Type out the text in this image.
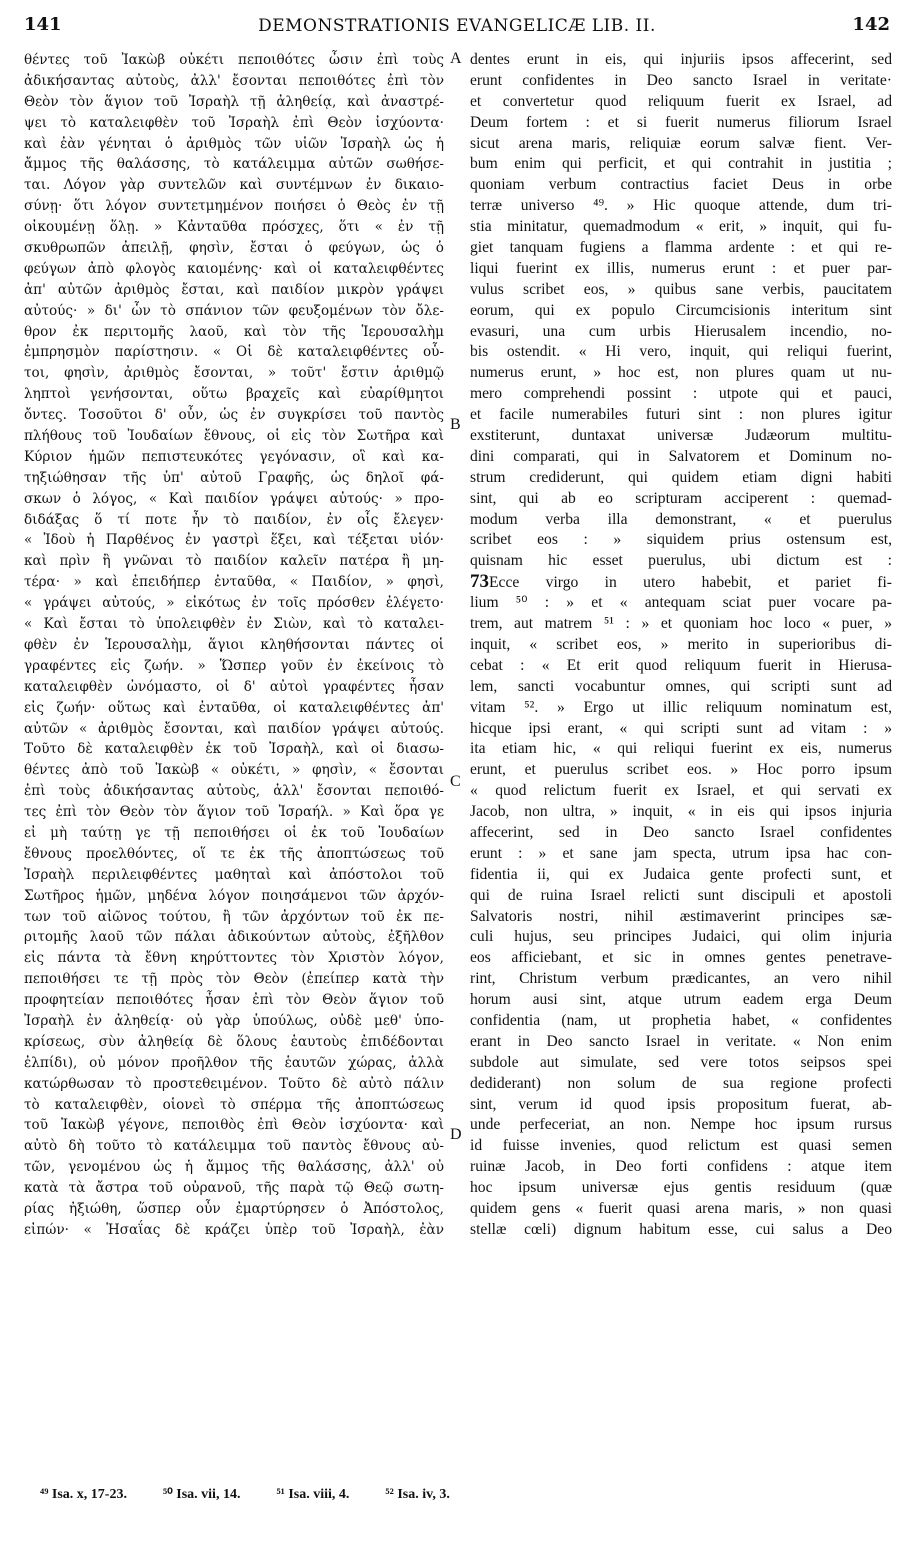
141	DEMONSTRATIONIS EVANGELICÆ LIB. II.	142
θέντες τοῦ Ἰακὼβ οὐκέτι πεποιθότες ὦσιν ἐπὶ τοὺς
ἀδικήσαντας αὐτοὺς, ἀλλ' ἔσονται πεποιθότες ἐπὶ τὸν
Θεὸν τὸν ἅγιον τοῦ Ἰσραὴλ τῇ ἀληθείᾳ, καὶ ἀναστρέ-
ψει τὸ καταλειφθὲν τοῦ Ἰσραὴλ ἐπὶ Θεὸν ἰσχύοντα·
καὶ ἐὰν γένηται ὁ ἀριθμὸς τῶν υἱῶν Ἰσραὴλ ὡς ἡ
ἄμμος τῆς θαλάσσης, τὸ κατάλειμμα αὐτῶν σωθήσε-
ται. Λόγον γὰρ συντελῶν καὶ συντέμνων ἐν δικαιο-
σύνῃ· ὅτι λόγον συντετμημένον ποιήσει ὁ Θεὸς ἐν τῇ
οἰκουμένῃ ὅλῃ. » Κἀνταῦθα πρόσχες, ὅτι « ἐν τῇ
σκυθρωπῶν ἀπειλῇ, φησὶν, ἔσται ὁ φεύγων, ὡς ὁ
φεύγων ἀπὸ φλογὸς καιομένης· καὶ οἱ καταλειφθέντες
ἀπ' αὐτῶν ἀριθμὸς ἔσται, καὶ παιδίον μικρὸν γράψει
αὐτούς· » δι' ὧν τὸ σπάνιον τῶν φευξομένων τὸν ὄλε-
θρον ἐκ περιτομῆς λαοῦ, καὶ τὸν τῆς Ἱερουσαλὴμ
ἐμπρησμὸν παρίστησιν. « Οἱ δὲ καταλειφθέντες οὗ-
τοι, φησὶν, ἀριθμὸς ἔσονται, » τοῦτ' ἔστιν ἀριθμῷ
ληπτοὶ γενήσονται, οὕτω βραχεῖς καὶ εὐαρίθμητοι
ὄντες. Τοσοῦτοι δ' οὖν, ὡς ἐν συγκρίσει τοῦ παντὸς
πλήθους τοῦ Ἰουδαίων ἔθνους, οἱ εἰς τὸν Σωτῆρα καὶ
Κύριον ἡμῶν πεπιστευκότες γεγόνασιν, οἳ καὶ κα-
τηξιώθησαν τῆς ὑπ' αὐτοῦ Γραφῆς, ὡς δηλοῖ φά-
σκων ὁ λόγος, « Καὶ παιδίον γράψει αὐτούς· » προ-
διδάξας ὅ τί ποτε ἦν τὸ παιδίον, ἐν οἷς ἔλεγεν·
« Ἰδοὺ ἡ Παρθένος ἐν γαστρὶ ἕξει, καὶ τέξεται υἱόν·
καὶ πρὶν ἢ γνῶναι τὸ παιδίον καλεῖν πατέρα ἢ μη-
τέρα· » καὶ ἐπειδήπερ ἐνταῦθα, « Παιδίον, » φησὶ,
« γράψει αὐτούς, » εἰκότως ἐν τοῖς πρόσθεν ἐλέγετο·
« Καὶ ἔσται τὸ ὑπολειφθὲν ἐν Σιὼν, καὶ τὸ καταλει-
φθὲν ἐν Ἱερουσαλὴμ, ἅγιοι κληθήσονται πάντες οἱ
γραφέντες εἰς ζωήν. » Ὥσπερ γοῦν ἐν ἐκείνοις τὸ
καταλειφθὲν ὠνόμαστο, οἱ δ' αὐτοὶ γραφέντες ἦσαν
εἰς ζωήν· οὕτως καὶ ἐνταῦθα, οἱ καταλειφθέντες ἀπ'
αὐτῶν « ἀριθμὸς ἔσονται, καὶ παιδίον γράψει αὐτούς.
Τοῦτο δὲ καταλειφθὲν ἐκ τοῦ Ἰσραὴλ, καὶ οἱ διασω-
θέντες ἀπὸ τοῦ Ἰακὼβ « οὐκέτι, » φησὶν, « ἔσονται
ἐπὶ τοὺς ἀδικήσαντας αὐτοὺς, ἀλλ' ἔσονται πεποιθό-
τες ἐπὶ τὸν Θεὸν τὸν ἅγιον τοῦ Ἰσραήλ. » Καὶ ὅρα γε
εἰ μὴ ταύτῃ γε τῇ πεποιθήσει οἱ ἐκ τοῦ Ἰουδαίων
ἔθνους προελθόντες, οἵ τε ἐκ τῆς ἀποπτώσεως τοῦ
Ἰσραὴλ περιλειφθέντες μαθηταὶ καὶ ἀπόστολοι τοῦ
Σωτῆρος ἡμῶν, μηδένα λόγον ποιησάμενοι τῶν ἀρχόν-
των τοῦ αἰῶνος τούτου, ἢ τῶν ἀρχόντων τοῦ ἐκ πε-
ριτομῆς λαοῦ τῶν πάλαι ἀδικούντων αὐτοὺς, ἐξῆλθον
εἰς πάντα τὰ ἔθνη κηρύττοντες τὸν Χριστὸν λόγον,
πεποιθήσει τε τῇ πρὸς τὸν Θεὸν (ἐπείπερ κατὰ τὴν
προφητείαν πεποιθότες ἦσαν ἐπὶ τὸν Θεὸν ἅγιον τοῦ
Ἰσραὴλ ἐν ἀληθείᾳ· οὐ γὰρ ὑπούλως, οὐδὲ μεθ' ὑπο-
κρίσεως, σὺν ἀληθείᾳ δὲ ὅλους ἑαυτοὺς ἐπιδέδονται
ἐλπίδι), οὐ μόνον προῆλθον τῆς ἑαυτῶν χώρας, ἀλλὰ
κατώρθωσαν τὸ προστεθειμένον. Τοῦτο δὲ αὐτὸ πάλιν
τὸ καταλειφθὲν, οἱονεὶ τὸ σπέρμα τῆς ἀποπτώσεως
τοῦ Ἰακὼβ γέγονε, πεποιθὸς ἐπὶ Θεὸν ἰσχύοντα· καὶ
αὐτὸ δὴ τοῦτο τὸ κατάλειμμα τοῦ παντὸς ἔθνους αὐ-
τῶν, γενομένου ὡς ἡ ἄμμος τῆς θαλάσσης, ἀλλ' οὐ
κατὰ τὰ ἄστρα τοῦ οὐρανοῦ, τῆς παρὰ τῷ Θεῷ σωτη-
ρίας ἠξιώθη, ὥσπερ οὖν ἐμαρτύρησεν ὁ Ἀπόστολος,
εἰπών· « Ἡσαΐας δὲ κράζει ὑπὲρ τοῦ Ἰσραὴλ, ἐὰν
dentes erunt in eis, qui injuriis ipsos affecerint, sed
erunt confidentes in Deo sancto Israel in veritate·
et convertetur quod reliquum fuerit ex Israel, ad
Deum fortem : et si fuerit numerus filiorum Israel
sicut arena maris, reliquiæ eorum salvæ fient. Ver-
bum enim qui perficit, et qui contrahit in justitia ;
quoniam verbum contractius faciet Deus in orbe
terræ universo ⁴⁹. » Hic quoque attende, dum tri-
stia minitatur, quemadmodum « erit, » inquit, qui fu-
giet tanquam fugiens a flamma ardente : et qui re-
liqui fuerint ex illis, numerus erunt : et puer par-
vulus scribet eos, » quibus sane verbis, paucitatem
eorum, qui ex populo Circumcisionis interitum sint
evasuri, una cum urbis Hierusalem incendio, no-
bis ostendit. « Hi vero, inquit, qui reliqui fuerint,
numerus erunt, » hoc est, non plures quam ut nu-
mero comprehendi possint : utpote qui et pauci,
et facile numerabiles futuri sint : non plures igitur
exstiterunt, duntaxat universæ Judæorum multitu-
dini comparati, qui in Salvatorem et Dominum no-
strum crediderunt, qui quidem etiam digni habiti
sint, qui ab eo scripturam acciperent : quemad-
modum verba illa demonstrant, « et puerulus
scribet eos : » siquidem prius ostensum est,
quisnam hic esset puerulus, ubi dictum est :
73Ecce virgo in utero habebit, et pariet fi-
lium ⁵⁰ : » et « antequam sciat puer vocare pa-
trem, aut matrem ⁵¹ : » et quoniam hoc loco « puer, »
inquit, « scribet eos, » merito in superioribus di-
cebat : « Et erit quod reliquum fuerit in Hierusa-
lem, sancti vocabuntur omnes, qui scripti sunt ad
vitam ⁵². » Ergo ut illic reliquum nominatum est,
hicque ipsi erant, « qui scripti sunt ad vitam : »
ita etiam hic, « qui reliqui fuerint ex eis, numerus
erunt, et puerulus scribet eos. » Hoc porro ipsum
« quod relictum fuerit ex Israel, et qui servati ex
Jacob, non ultra, » inquit, « in eis qui ipsos injuria
affecerint, sed in Deo sancto Israel confidentes
erunt : » et sane jam specta, utrum ipsa hac con-
fidentia ii, qui ex Judaica gente profecti sunt, et
qui de ruina Israel relicti sunt discipuli et apostoli
Salvatoris nostri, nihil æstimaverint principes sæ-
culi hujus, seu principes Judaici, qui olim injuria
eos afficiebant, et sic in omnes gentes penetrave-
rint, Christum verbum prædicantes, an vero nihil
horum ausi sint, atque utrum eadem erga Deum
confidentia (nam, ut prophetia habet, « confidentes
erant in Deo sancto Israel in veritate. « Non enim
subdole aut simulate, sed vere totos seipsos spei
dediderant) non solum de sua regione profecti
sint, verum id quod ipsis propositum fuerat, ab-
unde perfeceriat, an non. Nempe hoc ipsum rursus
id fuisse invenies, quod relictum est quasi semen
ruinæ Jacob, in Deo forti confidens : atque item
hoc ipsum universæ ejus gentis residuum (quæ
quidem gens « fuerit quasi arena maris, » non quasi
stellæ cœli) dignum habitum esse, cui salus a Deo
A
B
C
D
⁴⁹ Isa. x, 17-23.	⁵⁰ Isa. vii, 14.	⁵¹ Isa. viii, 4.	⁵² Isa. iv, 3.
